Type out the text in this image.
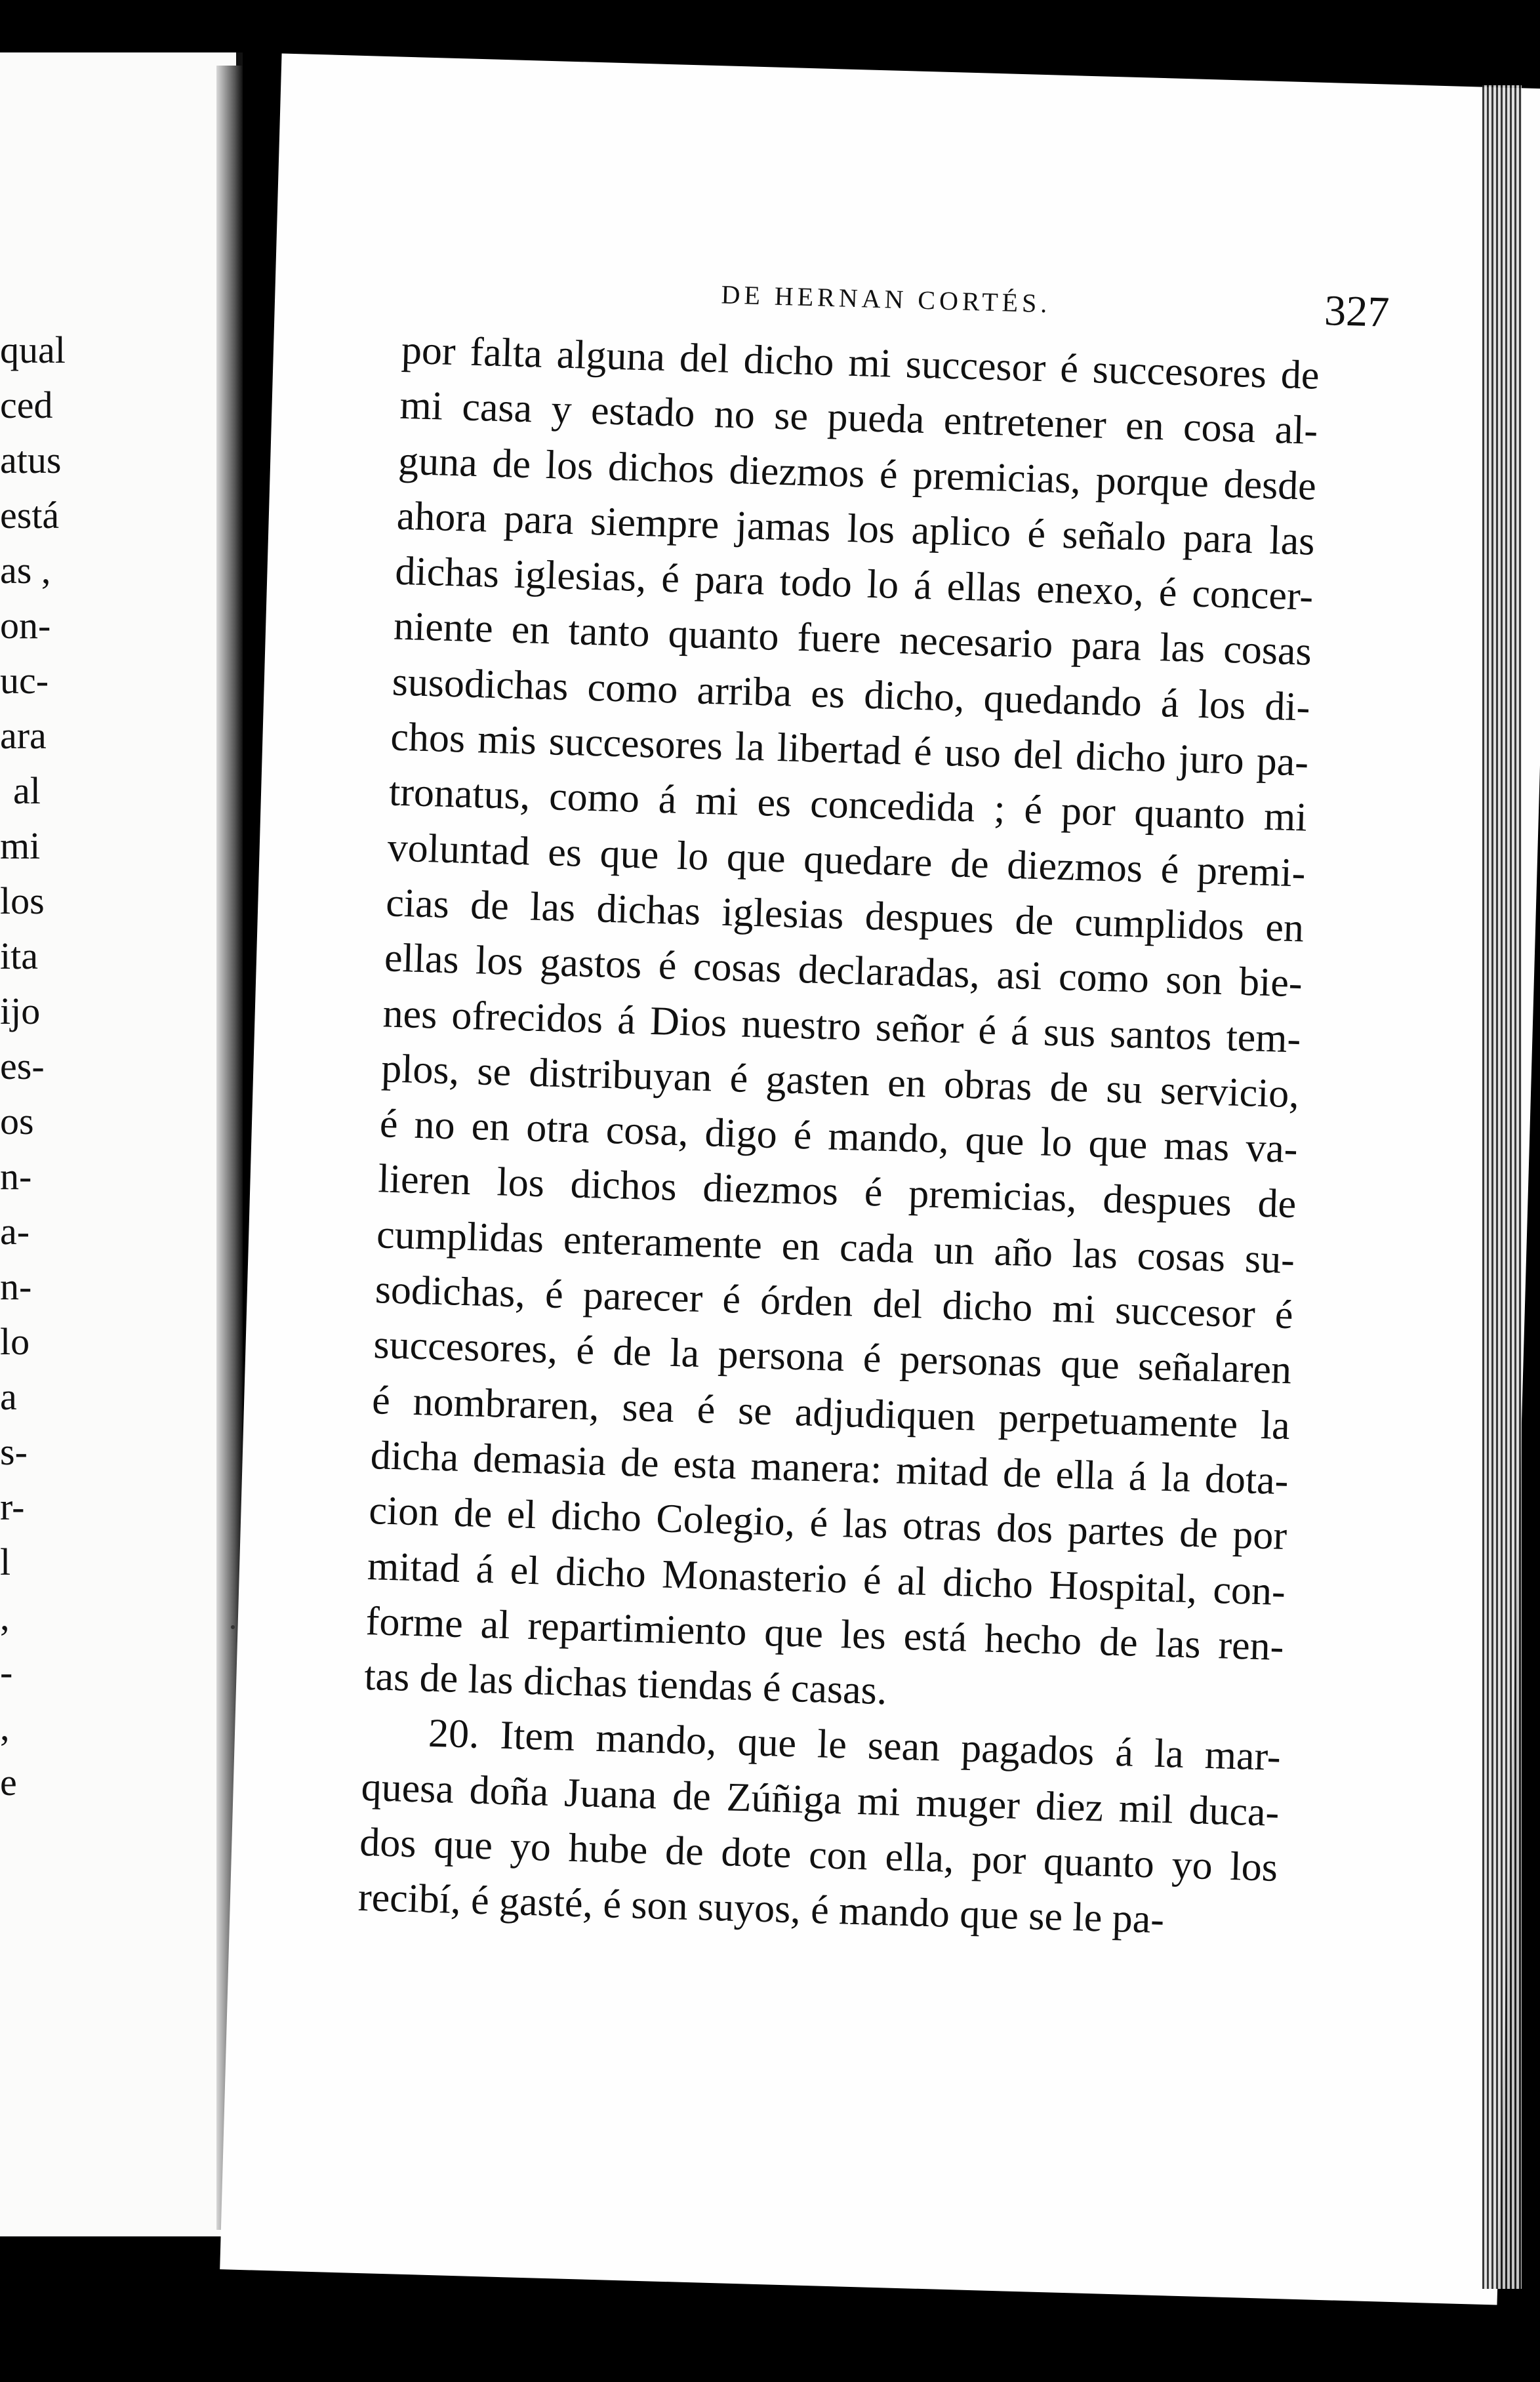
qual
ced
atus
está
as ,
on-
uc-
ara
al
mi
los
ita
ijo
es-
os
n-
a-
n-
lo
a
s-
r-
l
,
-
,
e
DE HERNAN CORTÉS.	327
por falta alguna del dicho mi succesor é succesores de
mi casa y estado no se pueda entretener en cosa al-
guna de los dichos diezmos é premicias, porque desde
ahora para siempre jamas los aplico é señalo para las
dichas iglesias, é para todo lo á ellas enexo, é concer-
niente en tanto quanto fuere necesario para las cosas
susodichas como arriba es dicho, quedando á los di-
chos mis succesores la libertad é uso del dicho juro pa-
tronatus, como á mi es concedida ; é por quanto mi
voluntad es que lo que quedare de diezmos é premi-
cias de las dichas iglesias despues de cumplidos en
ellas los gastos é cosas declaradas, asi como son bie-
nes ofrecidos á Dios nuestro señor é á sus santos tem-
plos, se distribuyan é gasten en obras de su servicio,
é no en otra cosa, digo é mando, que lo que mas va-
lieren los dichos diezmos é premicias, despues de
cumplidas enteramente en cada un año las cosas su-
sodichas, é parecer é órden del dicho mi succesor é
succesores, é de la persona é personas que señalaren
é nombraren, sea é se adjudiquen perpetuamente la
dicha demasia de esta manera: mitad de ella á la dota-
cion de el dicho Colegio, é las otras dos partes de por
mitad á el dicho Monasterio é al dicho Hospital, con-
forme al repartimiento que les está hecho de las ren-
tas de las dichas tiendas é casas.
20. Item mando, que le sean pagados á la mar-
quesa doña Juana de Zúñiga mi muger diez mil duca-
dos que yo hube de dote con ella, por quanto yo los
recibí, é gasté, é son suyos, é mando que se le pa-
